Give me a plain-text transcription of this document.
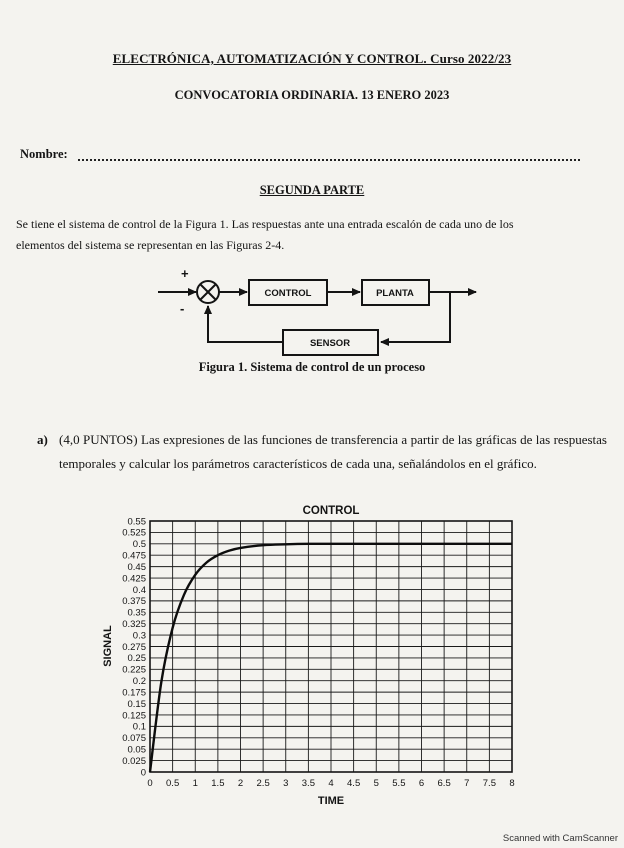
ELECTRÓNICA, AUTOMATIZACIÓN Y CONTROL. Curso 2022/23
CONVOCATORIA ORDINARIA. 13 ENERO 2023
Nombre:
SEGUNDA PARTE
Se tiene el sistema de control de la Figura 1. Las respuestas ante una entrada escalón de cada uno de los
elementos del sistema se representan en las Figuras 2-4.
+
-
CONTROL	PLANTA
SENSOR
Figura 1. Sistema de control de un proceso
a) (4,0 PUNTOS) Las expresiones de las funciones de transferencia a partir de las gráficas de las respuestas temporales y calcular los parámetros característicos de cada una, señalándolos en el gráfico.
CONTROL
TIME
SIGNAL
0 0.5 1 1.5 2 2.5 3 3.5 4 4.5 5 5.5 6 6.5 7 7.5 8
0
0.025
0.05
0.075
0.1
0.125
0.15
0.175
0.2
0.225
0.25
0.275
0.3
0.325
0.35
0.375
0.4
0.425
0.45
0.475
0.5
0.525
0.55
Scanned with CamScanner
